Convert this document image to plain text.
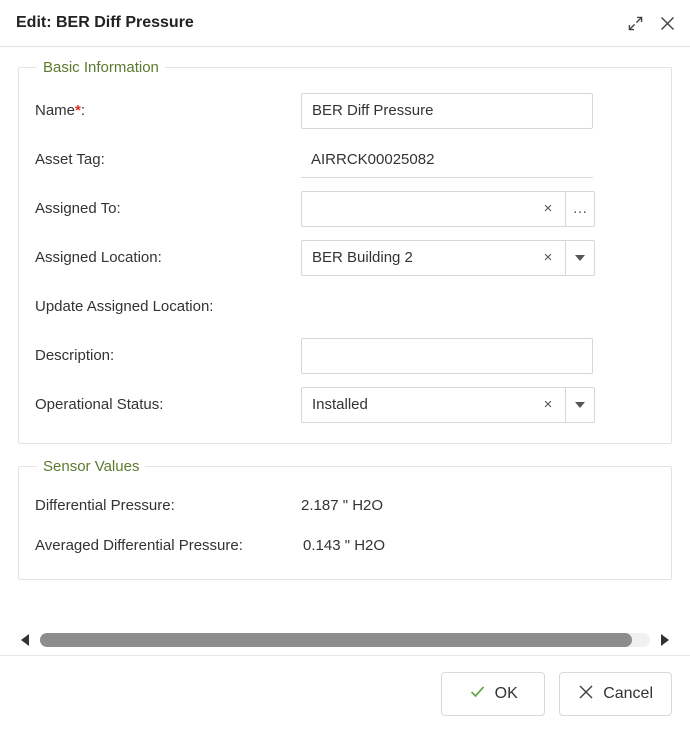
Edit: BER Diff Pressure
Basic Information
Name*:
BER Diff Pressure
Asset Tag:
AIRRCK00025082
Assigned To:	×	…
Assigned Location:
BER Building 2	×
Update Assigned Location:
Description:
Operational Status:
Installed	×
Sensor Values
Differential Pressure:	2.187 " H2O
Averaged Differential Pressure:	0.143 " H2O
OK	Cancel
